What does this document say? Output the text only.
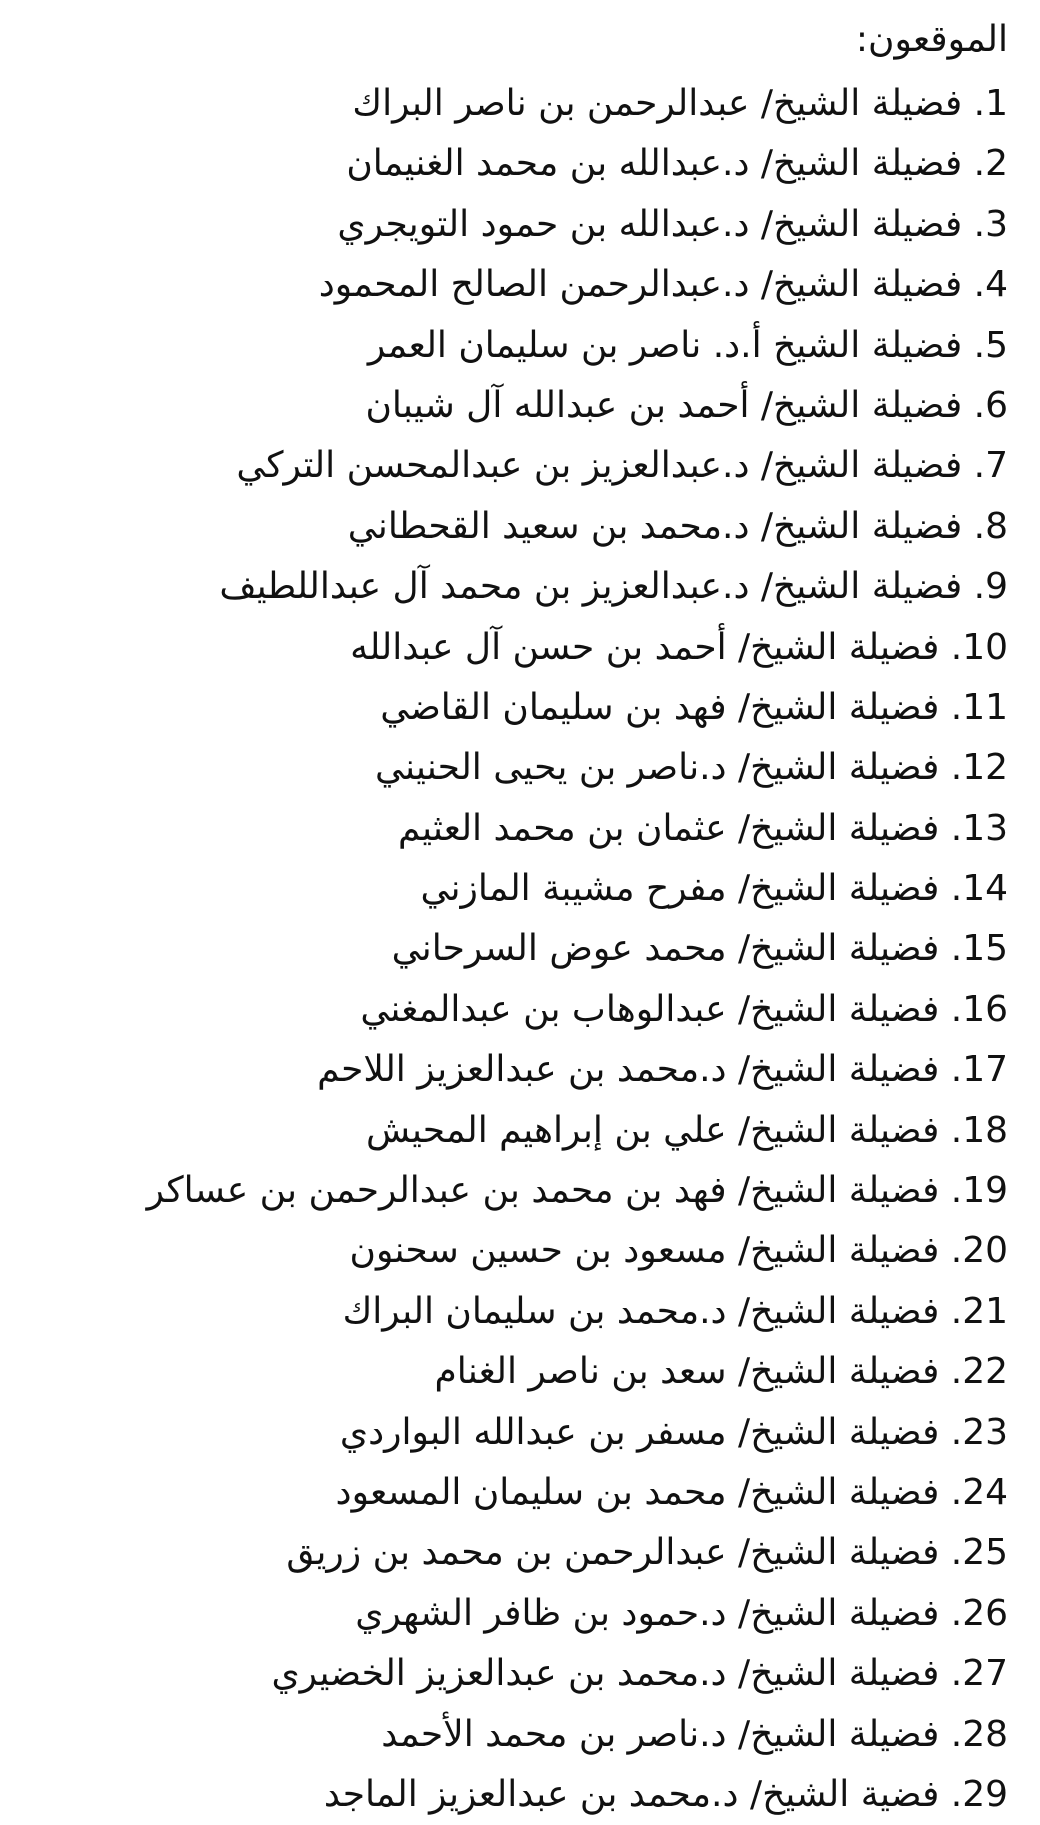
الموقعون:
1. فضيلة الشيخ/ عبدالرحمن بن ناصر البراك
2. فضيلة الشيخ/ د.عبدالله بن محمد الغنيمان
3. فضيلة الشيخ/ د.عبدالله بن حمود التويجري
4. فضيلة الشيخ/ د.عبدالرحمن الصالح المحمود
5. فضيلة الشيخ أ.د. ناصر بن سليمان العمر
6. فضيلة الشيخ/ أحمد بن عبدالله آل شيبان
7. فضيلة الشيخ/ د.عبدالعزيز بن عبدالمحسن التركي
8. فضيلة الشيخ/ د.محمد بن سعيد القحطاني
9. فضيلة الشيخ/ د.عبدالعزيز بن محمد آل عبداللطيف
10. فضيلة الشيخ/ أحمد بن حسن آل عبدالله
11. فضيلة الشيخ/ فهد بن سليمان القاضي
12. فضيلة الشيخ/ د.ناصر بن يحيى الحنيني
13. فضيلة الشيخ/ عثمان بن محمد العثيم
14. فضيلة الشيخ/ مفرح مشيبة المازني
15. فضيلة الشيخ/ محمد عوض السرحاني
16. فضيلة الشيخ/ عبدالوهاب بن عبدالمغني
17. فضيلة الشيخ/ د.محمد بن عبدالعزيز اللاحم
18. فضيلة الشيخ/ علي بن إبراهيم المحيش
19. فضيلة الشيخ/ فهد بن محمد بن عبدالرحمن بن عساكر
20. فضيلة الشيخ/ مسعود بن حسين سحنون
21. فضيلة الشيخ/ د.محمد بن سليمان البراك
22. فضيلة الشيخ/ سعد بن ناصر الغنام
23. فضيلة الشيخ/ مسفر بن عبدالله البواردي
24. فضيلة الشيخ/ محمد بن سليمان المسعود
25. فضيلة الشيخ/ عبدالرحمن بن محمد بن زريق
26. فضيلة الشيخ/ د.حمود بن ظافر الشهري
27. فضيلة الشيخ/ د.محمد بن عبدالعزيز الخضيري
28. فضيلة الشيخ/ د.ناصر بن محمد الأحمد
29. فضية الشيخ/ د.محمد بن عبدالعزيز الماجد
